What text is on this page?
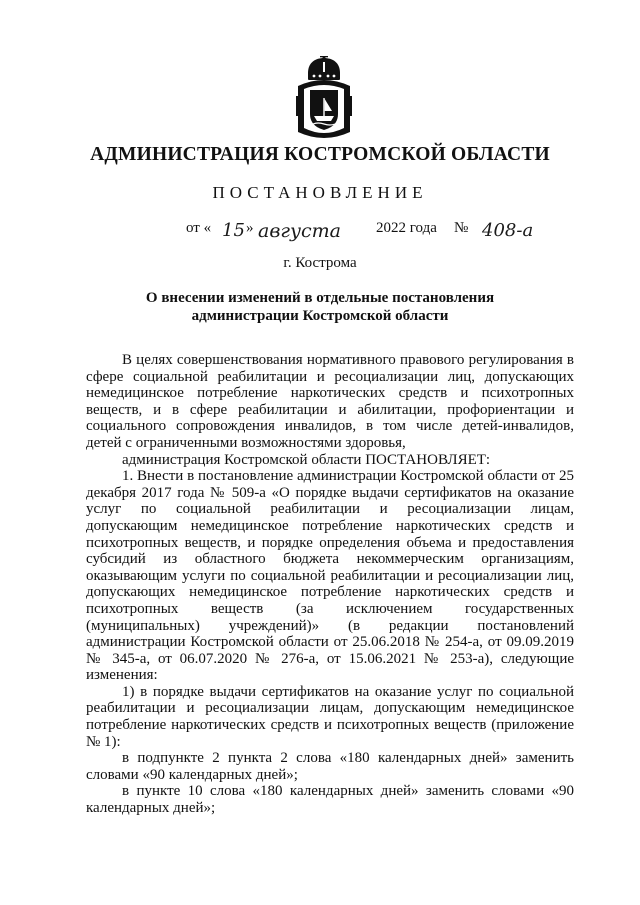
АДМИНИСТРАЦИЯ КОСТРОМСКОЙ ОБЛАСТИ
ПОСТАНОВЛЕНИЕ
от « 15 » августа 2022 года № 408-а
г. Кострома
О внесении изменений в отдельные постановления
администрации Костромской области

В целях совершенствования нормативного правового регулирования в сфере социальной реабилитации и ресоциализации лиц, допускающих немедицинское потребление наркотических средств и психотропных веществ, и в сфере реабилитации и абилитации, профориентации и социального сопровождения инвалидов, в том числе детей-инвалидов, детей с ограниченными возможностями здоровья,

администрация Костромской области ПОСТАНОВЛЯЕТ:

1. Внести в постановление администрации Костромской области от 25 декабря 2017 года № 509-а «О порядке выдачи сертификатов на оказание услуг по социальной реабилитации и ресоциализации лицам, допускающим немедицинское потребление наркотических средств и психотропных веществ, и порядке определения объема и предоставления субсидий из областного бюджета некоммерческим организациям, оказывающим услуги по социальной реабилитации и ресоциализации лиц, допускающих немедицинское потребление наркотических средств и психотропных веществ (за исключением государственных (муниципальных) учреждений)» (в редакции постановлений администрации Костромской области от 25.06.2018 № 254-а, от 09.09.2019 № 345-а, от 06.07.2020 № 276-а, от 15.06.2021 № 253-а), следующие изменения:

1) в порядке выдачи сертификатов на оказание услуг по социальной реабилитации и ресоциализации лицам, допускающим немедицинское потребление наркотических средств и психотропных веществ (приложение № 1):

в подпункте 2 пункта 2 слова «180 календарных дней» заменить словами «90 календарных дней»;

в пункте 10 слова «180 календарных дней» заменить словами «90 календарных дней»;
